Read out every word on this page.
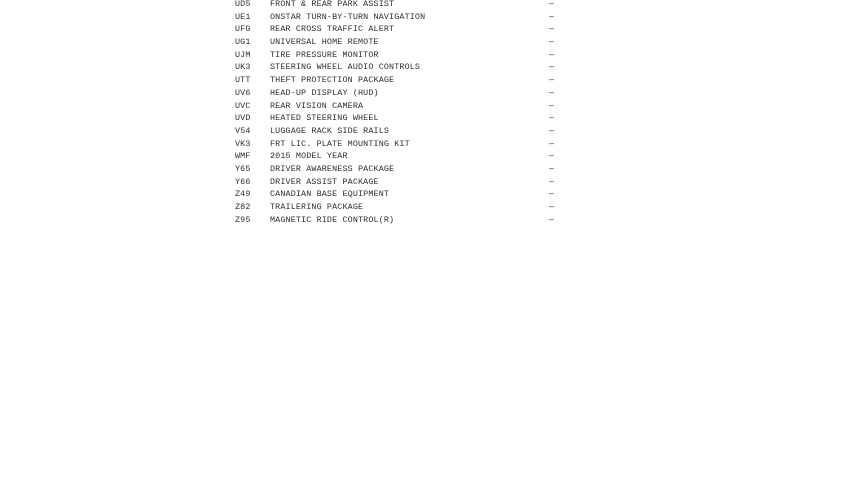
UD5 FRONT & REAR PARK ASSIST	—
UE1 ONSTAR TURN-BY-TURN NAVIGATION	—
UFG REAR CROSS TRAFFIC ALERT	—
UG1 UNIVERSAL HOME REMOTE	—
UJM TIRE PRESSURE MONITOR	—
UK3 STEERING WHEEL AUDIO CONTROLS	—
UTT THEFT PROTECTION PACKAGE	—
UV6 HEAD-UP DISPLAY (HUD)	—
UVC REAR VISION CAMERA	—
UVD HEATED STEERING WHEEL	—
V54 LUGGAGE RACK SIDE RAILS	—
VK3 FRT LIC. PLATE MOUNTING KIT	—
WMF 2015 MODEL YEAR	—
Y65 DRIVER AWARENESS PACKAGE	—
Y66 DRIVER ASSIST PACKAGE	—
Z49 CANADIAN BASE EQUIPMENT	—
Z82 TRAILERING PACKAGE	—
Z95 MAGNETIC RIDE CONTROL(R)	—
